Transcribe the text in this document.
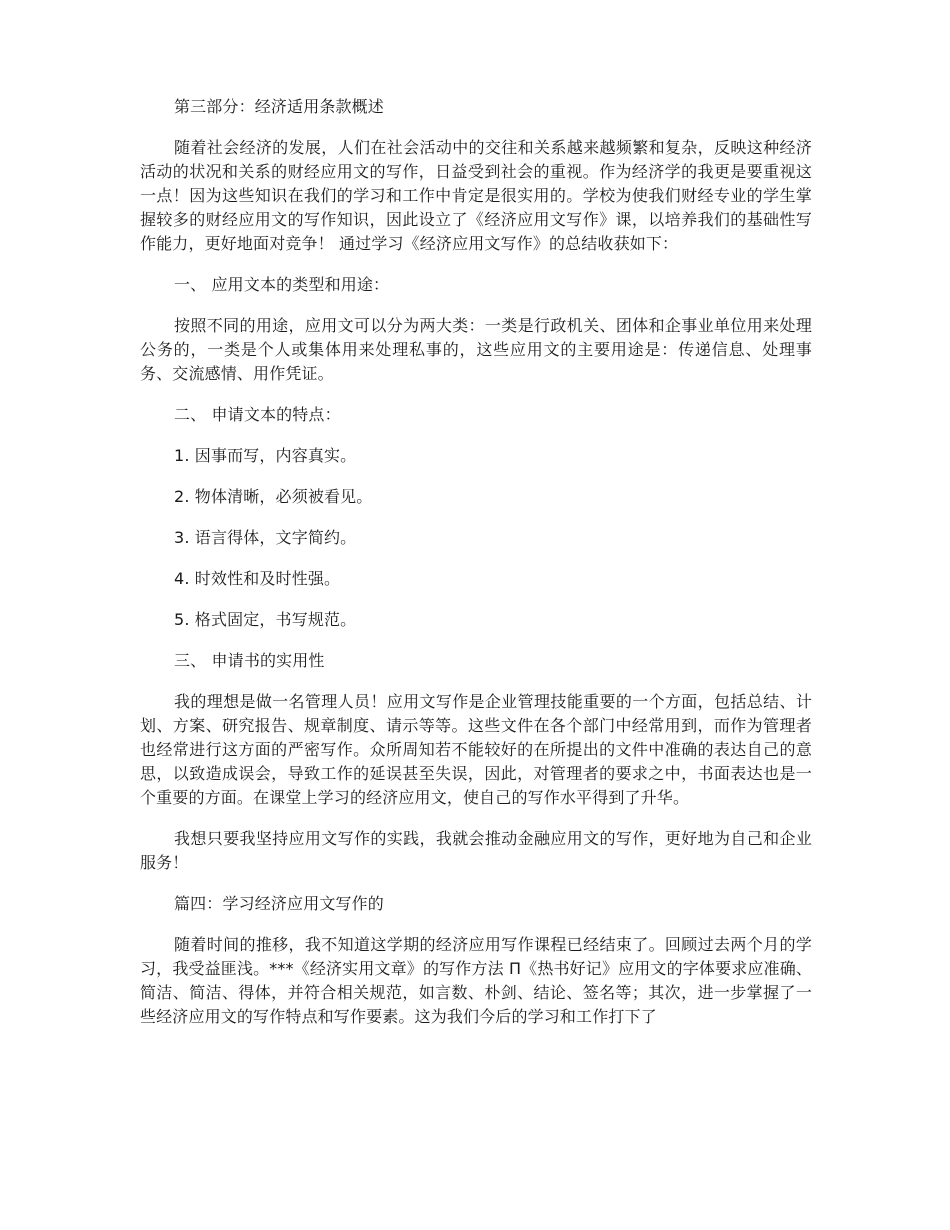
第三部分：经济适用条款概述
随着社会经济的发展，人们在社会活动中的交往和关系越来越频繁和复杂，反映这种经济活动的状况和关系的财经应用文的写作，日益受到社会的重视。作为经济学的我更是要重视这一点！因为这些知识在我们的学习和工作中肯定是很实用的。学校为使我们财经专业的学生掌握较多的财经应用文的写作知识，因此设立了《经济应用文写作》课，以培养我们的基础性写作能力，更好地面对竞争！ 通过学习《经济应用文写作》的总结收获如下：
一、 应用文本的类型和用途：
按照不同的用途，应用文可以分为两大类：一类是行政机关、团体和企事业单位用来处理公务的，一类是个人或集体用来处理私事的，这些应用文的主要用途是：传递信息、处理事务、交流感情、用作凭证。
二、 申请文本的特点：
1. 因事而写，内容真实。
2. 物体清晰，必须被看见。
3. 语言得体，文字简约。
4. 时效性和及时性强。
5. 格式固定，书写规范。
三、 申请书的实用性
我的理想是做一名管理人员！应用文写作是企业管理技能重要的一个方面，包括总结、计划、方案、研究报告、规章制度、请示等等。这些文件在各个部门中经常用到，而作为管理者也经常进行这方面的严密写作。众所周知若不能较好的在所提出的文件中准确的表达自己的意思，以致造成误会，导致工作的延误甚至失误，因此，对管理者的要求之中，书面表达也是一个重要的方面。在课堂上学习的经济应用文，使自己的写作水平得到了升华。
我想只要我坚持应用文写作的实践，我就会推动金融应用文的写作，更好地为自己和企业服务！
篇四：学习经济应用文写作的
随着时间的推移，我不知道这学期的经济应用写作课程已经结束了。回顾过去两个月的学习，我受益匪浅。***《经济实用文章》的写作方法 Π《热书好记》应用文的字体要求应准确、简洁、简洁、得体，并符合相关规范，如言数、朴剑、结论、签名等；其次，进一步掌握了一些经济应用文的写作特点和写作要素。这为我们今后的学习和工作打下了
